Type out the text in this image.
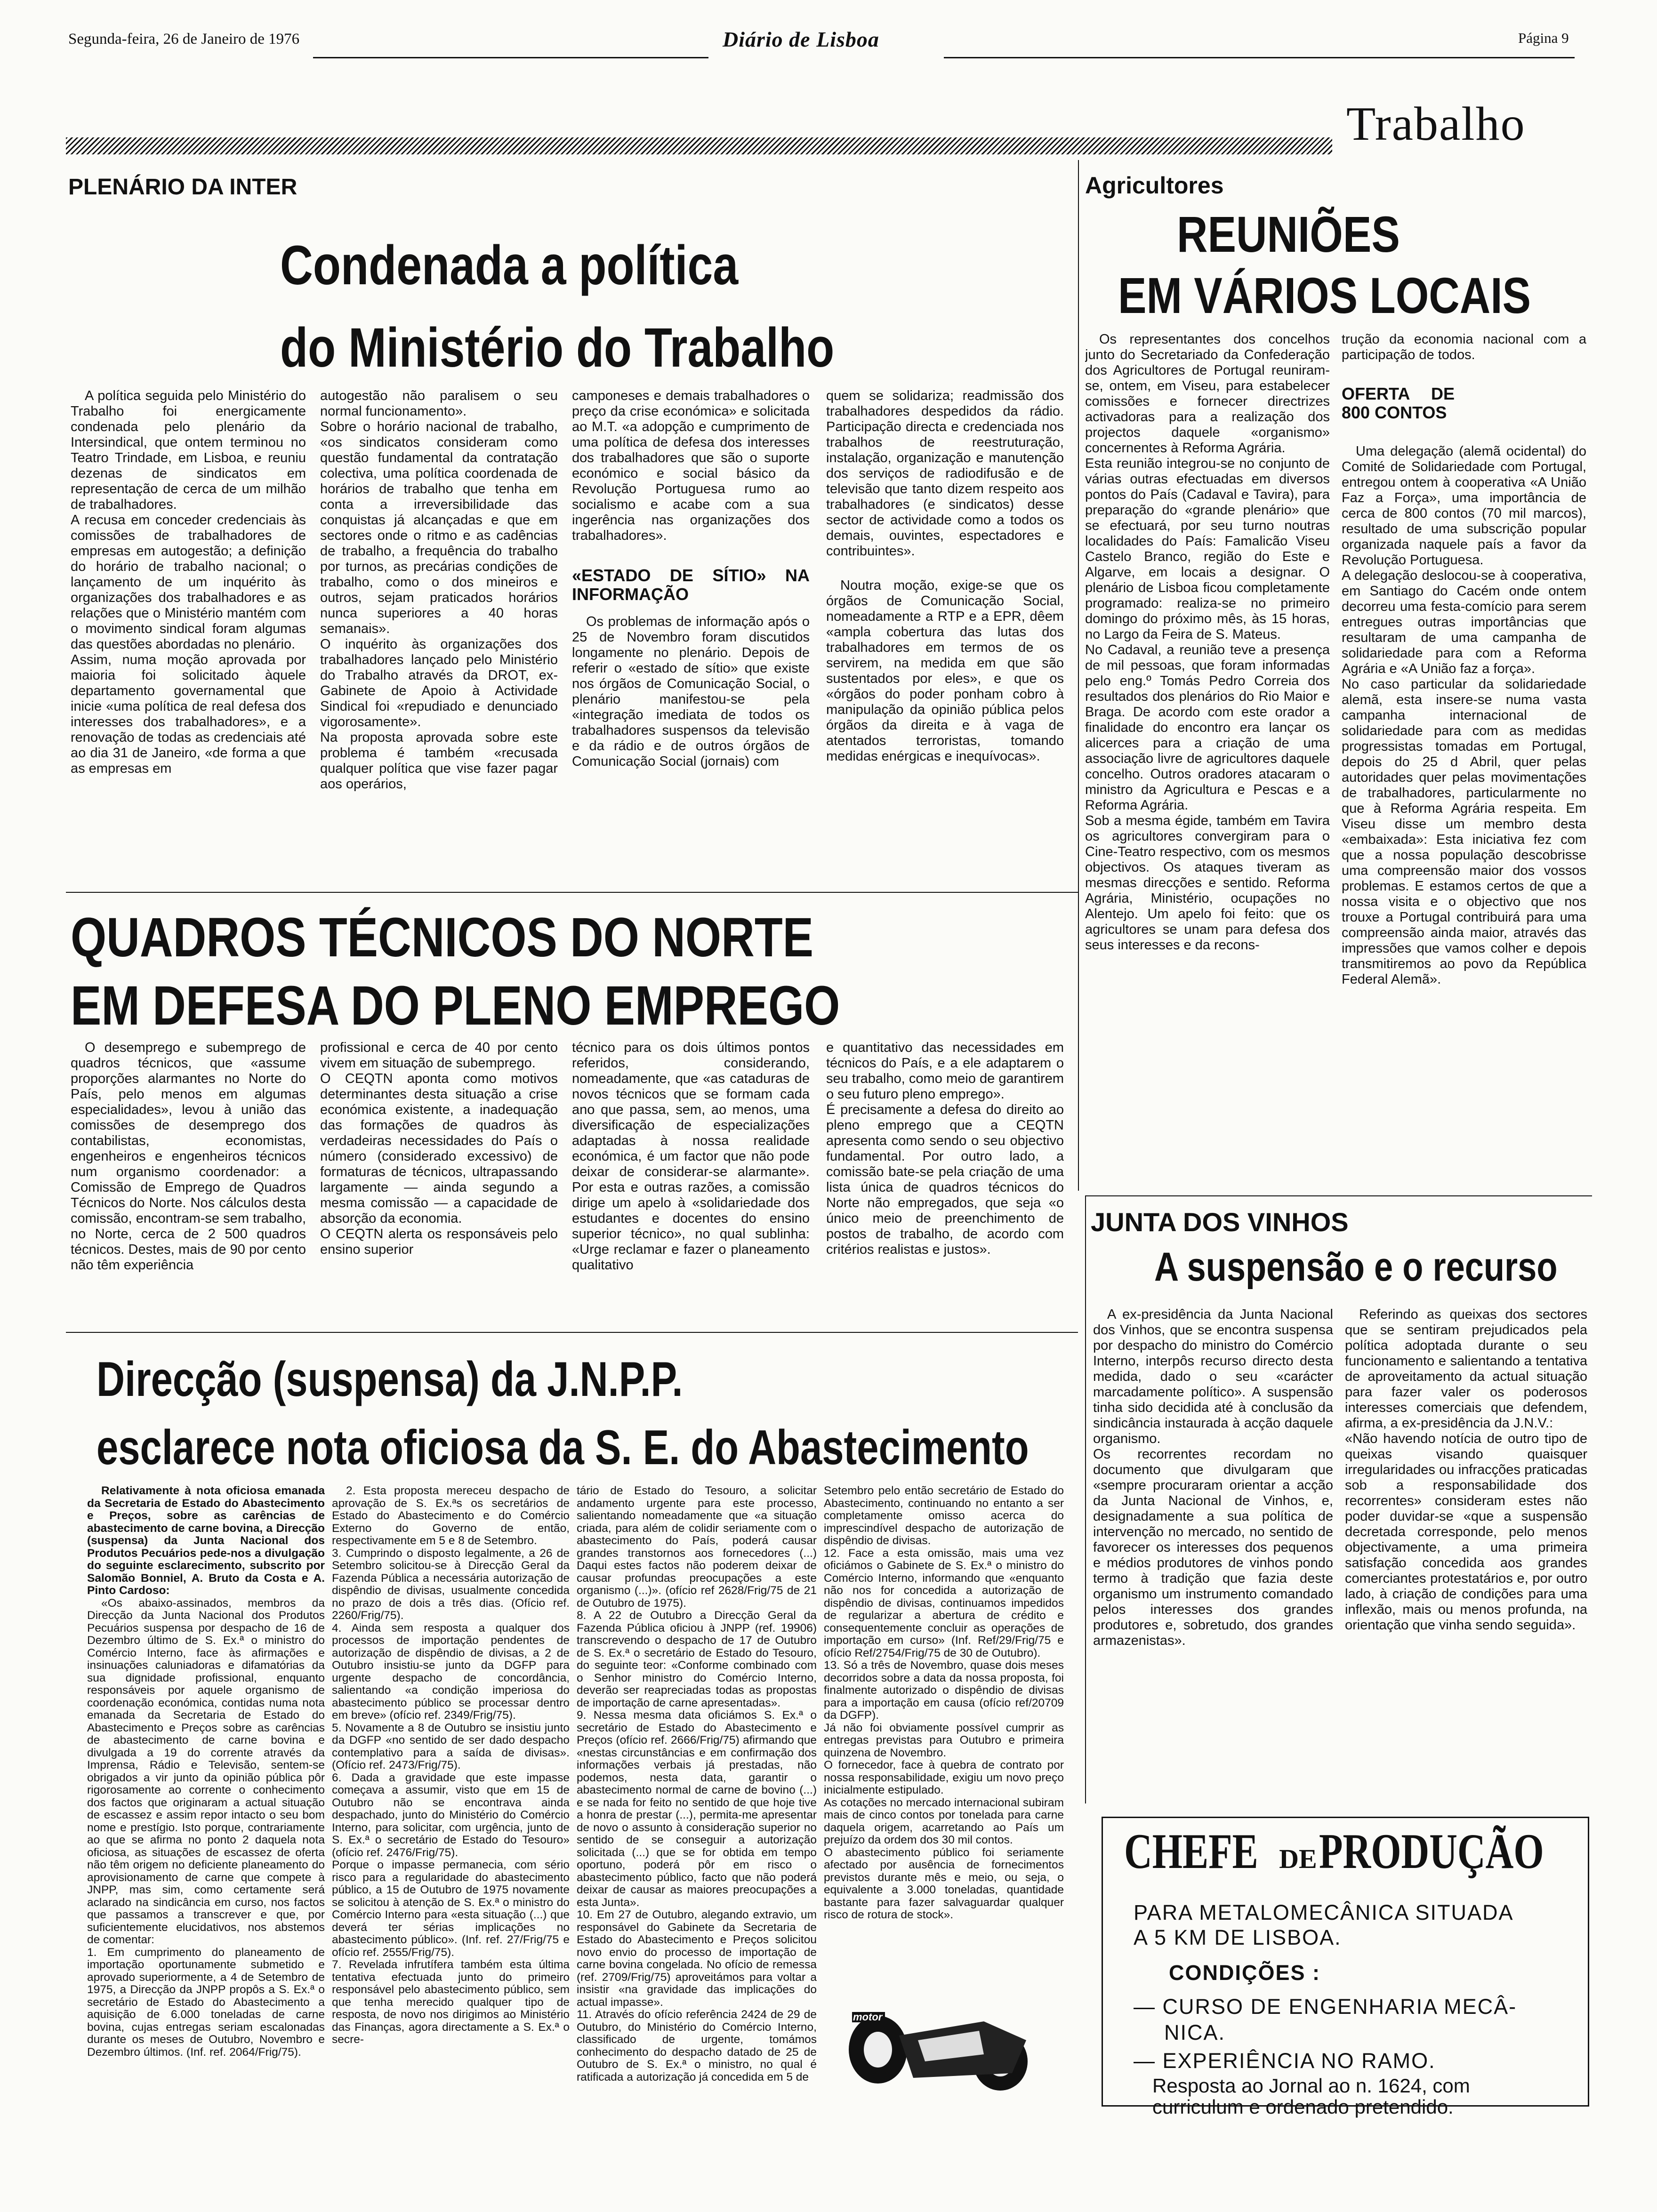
Segunda-feira, 26 de Janeiro de 1976	Diário de Lisboa	Página 9
Trabalho
PLENÁRIO DA INTER
Condenada a política
do Ministério do Trabalho

A política seguida pelo Ministério do Trabalho foi energicamente condenada pelo plenário da Intersindical, que ontem terminou no Teatro Trindade, em Lisboa, e reuniu dezenas de sindicatos em representação de cerca de um milhão de trabalhadores.
A recusa em conceder credenciais às comissões de trabalhadores de empresas em autogestão; a definição do horário de trabalho nacional; o lançamento de um inquérito às organizações dos trabalhadores e as relações que o Ministério mantém com o movimento sindical foram algumas das questões abordadas no plenário.
Assim, numa moção aprovada por maioria foi solicitado àquele departamento governamental que inicie «uma política de real defesa dos interesses dos trabalhadores», e a renovação de todas as credenciais até ao dia 31 de Janeiro, «de forma a que as empresas em

autogestão não paralisem o seu normal funcionamento».
Sobre o horário nacional de trabalho, «os sindicatos consideram como questão fundamental da contratação colectiva, uma política coordenada de horários de trabalho que tenha em conta a irreversibilidade das conquistas já alcançadas e que em sectores onde o ritmo e as cadências de trabalho, a frequência do trabalho por turnos, as precárias condições de trabalho, como o dos mineiros e outros, sejam praticados horários nunca superiores a 40 horas semanais».
O inquérito às organizações dos trabalhadores lançado pelo Ministério do Trabalho através da DROT, ex-Gabinete de Apoio à Actividade Sindical foi «repudiado e denunciado vigorosamente».
Na proposta aprovada sobre este problema é também «recusada qualquer política que vise fazer pagar aos operários,

camponeses e demais trabalhadores o preço da crise económica» e solicitada ao M.T. «a adopção e cumprimento de uma política de defesa dos interesses dos trabalhadores que são o suporte económico e social básico da Revolução Portuguesa rumo ao socialismo e acabe com a sua ingerência nas organizações dos trabalhadores».

«ESTADO DE SÍTIO» NA INFORMAÇÃO

Os problemas de informação após o 25 de Novembro foram discutidos longamente no plenário. Depois de referir o «estado de sítio» que existe nos órgãos de Comunicação Social, o plenário manifestou-se pela «integração imediata de todos os trabalhadores suspensos da televisão e da rádio e de outros órgãos de Comunicação Social (jornais) com

quem se solidariza; readmissão dos trabalhadores despedidos da rádio. Participação directa e credenciada nos trabalhos de reestruturação, instalação, organização e manutenção dos serviços de radiodifusão e de televisão que tanto dizem respeito aos trabalhadores (e sindicatos) desse sector de actividade como a todos os demais, ouvintes, espectadores e contribuintes».

Noutra moção, exige-se que os órgãos de Comunicação Social, nomeadamente a RTP e a EPR, dêem «ampla cobertura das lutas dos trabalhadores em termos de os servirem, na medida em que são sustentados por eles», e que os «órgãos do poder ponham cobro à manipulação da opinião pública pelos órgãos da direita e à vaga de atentados terroristas, tomando medidas enérgicas e inequívocas».

QUADROS TÉCNICOS DO NORTE
EM DEFESA DO PLENO EMPREGO

O desemprego e subemprego de quadros técnicos, que «assume proporções alarmantes no Norte do País, pelo menos em algumas especialidades», levou à união das comissões de desemprego dos contabilistas, economistas, engenheiros e engenheiros técnicos num organismo coordenador: a Comissão de Emprego de Quadros Técnicos do Norte. Nos cálculos desta comissão, encontram-se sem trabalho, no Norte, cerca de 2 500 quadros técnicos. Destes, mais de 90 por cento não têm experiência

profissional e cerca de 40 por cento vivem em situação de subemprego.
O CEQTN aponta como motivos determinantes desta situação a crise económica existente, a inadequação das formações de quadros às verdadeiras necessidades do País o número (considerado excessivo) de formaturas de técnicos, ultrapassando largamente — ainda segundo a mesma comissão — a capacidade de absorção da economia.
O CEQTN alerta os responsáveis pelo ensino superior

técnico para os dois últimos pontos referidos, considerando, nomeadamente, que «as cataduras de novos técnicos que se formam cada ano que passa, sem, ao menos, uma diversificação de especializações adaptadas à nossa realidade económica, é um factor que não pode deixar de considerar-se alarmante». Por esta e outras razões, a comissão dirige um apelo à «solidariedade dos estudantes e docentes do ensino superior técnico», no qual sublinha: «Urge reclamar e fazer o planeamento qualitativo

e quantitativo das necessidades em técnicos do País, e a ele adaptarem o seu trabalho, como meio de garantirem o seu futuro pleno emprego».
É precisamente a defesa do direito ao pleno emprego que a CEQTN apresenta como sendo o seu objectivo fundamental. Por outro lado, a comissão bate-se pela criação de uma lista única de quadros técnicos do Norte não empregados, que seja «o único meio de preenchimento de postos de trabalho, de acordo com critérios realistas e justos».

Direcção (suspensa) da J.N.P.P.
esclarece nota oficiosa da S. E. do Abastecimento

Relativamente à nota oficiosa emanada da Secretaria de Estado do Abastecimento e Preços, sobre as carências de abastecimento de carne bovina, a Direcção (suspensa) da Junta Nacional dos Produtos Pecuários pede-nos a divulgação do seguinte esclarecimento, subscrito por Salomão Bonniel, A. Bruto da Costa e A. Pinto Cardoso:

«Os abaixo-assinados, membros da Direcção da Junta Nacional dos Produtos Pecuários suspensa por despacho de 16 de Dezembro último de S. Ex.ª o ministro do Comércio Interno, face às afirmações e insinuações caluniadoras e difamatórias da sua dignidade profissional, enquanto responsáveis por aquele organismo de coordenação económica, contidas numa nota emanada da Secretaria de Estado do Abastecimento e Preços sobre as carências de abastecimento de carne bovina e divulgada a 19 do corrente através da Imprensa, Rádio e Televisão, sentem-se obrigados a vir junto da opinião pública pôr rigorosamente ao corrente o conhecimento dos factos que originaram a actual situação de escassez e assim repor intacto o seu bom nome e prestígio. Isto porque, contrariamente ao que se afirma no ponto 2 daquela nota oficiosa, as situações de escassez de oferta não têm origem no deficiente planeamento do aprovisionamento de carne que compete à JNPP, mas sim, como certamente será aclarado na sindicância em curso, nos factos que passamos a transcrever e que, por suficientemente elucidativos, nos abstemos de comentar:
1. Em cumprimento do planeamento de importação oportunamente submetido e aprovado superiormente, a 4 de Setembro de 1975, a Direcção da JNPP propôs a S. Ex.ª o secretário de Estado do Abastecimento a aquisição de 6.000 toneladas de carne bovina, cujas entregas seriam escalonadas durante os meses de Outubro, Novembro e Dezembro últimos. (Inf. ref. 2064/Frig/75).

2. Esta proposta mereceu despacho de aprovação de S. Ex.ªs os secretários de Estado do Abastecimento e do Comércio Externo do Governo de então, respectivamente em 5 e 8 de Setembro.
3. Cumprindo o disposto legalmente, a 26 de Setembro solicitou-se à Direcção Geral da Fazenda Pública a necessária autorização de dispêndio de divisas, usualmente concedida no prazo de dois a três dias. (Ofício ref. 2260/Frig/75).
4. Ainda sem resposta a qualquer dos processos de importação pendentes de autorização de dispêndio de divisas, a 2 de Outubro insistiu-se junto da DGFP para urgente despacho de concordância, salientando «a condição imperiosa do abastecimento público se processar dentro em breve» (ofício ref. 2349/Frig/75).
5. Novamente a 8 de Outubro se insistiu junto da DGFP «no sentido de ser dado despacho contemplativo para a saída de divisas». (Ofício ref. 2473/Frig/75).
6. Dada a gravidade que este impasse começava a assumir, visto que em 15 de Outubro não se encontrava ainda despachado, junto do Ministério do Comércio Interno, para solicitar, com urgência, junto de S. Ex.ª o secretário de Estado do Tesouro» (ofício ref. 2476/Frig/75).
Porque o impasse permanecia, com sério risco para a regularidade do abastecimento público, a 15 de Outubro de 1975 novamente se solicitou à atenção de S. Ex.ª o ministro do Comércio Interno para «esta situação (...) que deverá ter sérias implicações no abastecimento público». (Inf. ref. 27/Frig/75 e ofício ref. 2555/Frig/75).
7. Revelada infrutífera também esta última tentativa efectuada junto do primeiro responsável pelo abastecimento público, sem que tenha merecido qualquer tipo de resposta, de novo nos dirigimos ao Ministério das Finanças, agora directamente a S. Ex.ª o secre-

tário de Estado do Tesouro, a solicitar andamento urgente para este processo, salientando nomeadamente que «a situação criada, para além de colidir seriamente com o abastecimento do País, poderá causar grandes transtornos aos fornecedores (...) Daqui estes factos não poderem deixar de causar profundas preocupações a este organismo (...)». (ofício ref 2628/Frig/75 de 21 de Outubro de 1975).
8. A 22 de Outubro a Direcção Geral da Fazenda Pública oficiou à JNPP (ref. 19906) transcrevendo o despacho de 17 de Outubro de S. Ex.ª o secretário de Estado do Tesouro, do seguinte teor: «Conforme combinado com o Senhor ministro do Comércio Interno, deverão ser reapreciadas todas as propostas de importação de carne apresentadas».
9. Nessa mesma data oficiámos S. Ex.ª o secretário de Estado do Abastecimento e Preços (ofício ref. 2666/Frig/75) afirmando que «nestas circunstâncias e em confirmação dos informações verbais já prestadas, não podemos, nesta data, garantir o abastecimento normal de carne de bovino (...) e se nada for feito no sentido de que hoje tive a honra de prestar (...), permita-me apresentar de novo o assunto à consideração superior no sentido de se conseguir a autorização solicitada (...) que se for obtida em tempo oportuno, poderá pôr em risco o abastecimento público, facto que não poderá deixar de causar as maiores preocupações a esta Junta».
10. Em 27 de Outubro, alegando extravio, um responsável do Gabinete da Secretaria de Estado do Abastecimento e Preços solicitou novo envio do processo de importação de carne bovina congelada. No ofício de remessa (ref. 2709/Frig/75) aproveitámos para voltar a insistir «na gravidade das implicações do actual impasse».
11. Através do ofício referência 2424 de 29 de Outubro, do Ministério do Comércio Interno, classificado de urgente, tomámos conhecimento do despacho datado de 25 de Outubro de S. Ex.ª o ministro, no qual é ratificada a autorização já concedida em 5 de

Setembro pelo então secretário de Estado do Abastecimento, continuando no entanto a ser completamente omisso acerca do imprescindível despacho de autorização de dispêndio de divisas.
12. Face a esta omissão, mais uma vez oficiámos o Gabinete de S. Ex.ª o ministro do Comércio Interno, informando que «enquanto não nos for concedida a autorização de dispêndio de divisas, continuamos impedidos de regularizar a abertura de crédito e consequentemente concluir as operações de importação em curso» (Inf. Ref/29/Frig/75 e ofício Ref/2754/Frig/75 de 30 de Outubro).
13. Só a três de Novembro, quase dois meses decorridos sobre a data da nossa proposta, foi finalmente autorizado o dispêndio de divisas para a importação em causa (ofício ref/20709 da DGFP).
Já não foi obviamente possível cumprir as entregas previstas para Outubro e primeira quinzena de Novembro.
O fornecedor, face à quebra de contrato por nossa responsabilidade, exigiu um novo preço inicialmente estipulado.
As cotações no mercado internacional subiram mais de cinco contos por tonelada para carne daquela origem, acarretando ao País um prejuízo da ordem dos 30 mil contos.
O abastecimento público foi seriamente afectado por ausência de fornecimentos previstos durante mês e meio, ou seja, o equivalente a 3.000 toneladas, quantidade bastante para fazer salvaguardar qualquer risco de rotura de stock».

motor
Agricultores
REUNIÕES
EM VÁRIOS LOCAIS

Os representantes dos concelhos junto do Secretariado da Confederação dos Agricultores de Portugal reuniram-se, ontem, em Viseu, para estabelecer comissões e fornecer directrizes activadoras para a realização dos projectos daquele «organismo» concernentes à Reforma Agrária.
Esta reunião integrou-se no conjunto de várias outras efectuadas em diversos pontos do País (Cadaval e Tavira), para preparação do «grande plenário» que se efectuará, por seu turno noutras localidades do País: Famalicão Viseu Castelo Branco, região do Este e Algarve, em locais a designar. O plenário de Lisboa ficou completamente programado: realiza-se no primeiro domingo do próximo mês, às 15 horas, no Largo da Feira de S. Mateus.
No Cadaval, a reunião teve a presença de mil pessoas, que foram informadas pelo eng.º Tomás Pedro Correia dos resultados dos plenários do Rio Maior e Braga. De acordo com este orador a finalidade do encontro era lançar os alicerces para a criação de uma associação livre de agricultores daquele concelho. Outros oradores atacaram o ministro da Agricultura e Pescas e a Reforma Agrária.
Sob a mesma égide, também em Tavira os agricultores convergiram para o Cine-Teatro respectivo, com os mesmos objectivos. Os ataques tiveram as mesmas direcções e sentido. Reforma Agrária, Ministério, ocupações no Alentejo. Um apelo foi feito: que os agricultores se unam para defesa dos seus interesses e da recons-

trução da economia nacional com a participação de todos.

OFERTA DE 800 CONTOS

Uma delegação (alemã ocidental) do Comité de Solidariedade com Portugal, entregou ontem à cooperativa «A União Faz a Força», uma importância de cerca de 800 contos (70 mil marcos), resultado de uma subscrição popular organizada naquele país a favor da Revolução Portuguesa.
A delegação deslocou-se à cooperativa, em Santiago do Cacém onde ontem decorreu uma festa-comício para serem entregues outras importâncias que resultaram de uma campanha de solidariedade para com a Reforma Agrária e «A União faz a força».
No caso particular da solidariedade alemã, esta insere-se numa vasta campanha internacional de solidariedade para com as medidas progressistas tomadas em Portugal, depois do 25 d Abril, quer pelas autoridades quer pelas movimentações de trabalhadores, particularmente no que à Reforma Agrária respeita. Em Viseu disse um membro desta «embaixada»: Esta iniciativa fez com que a nossa população descobrisse uma compreensão maior dos vossos problemas. E estamos certos de que a nossa visita e o objectivo que nos trouxe a Portugal contribuirá para uma compreensão ainda maior, através das impressões que vamos colher e depois transmitiremos ao povo da República Federal Alemã».

JUNTA DOS VINHOS
A suspensão e o recurso

A ex-presidência da Junta Nacional dos Vinhos, que se encontra suspensa por despacho do ministro do Comércio Interno, interpôs recurso directo desta medida, dado o seu «carácter marcadamente político». A suspensão tinha sido decidida até à conclusão da sindicância instaurada à acção daquele organismo.
Os recorrentes recordam no documento que divulgaram que «sempre procuraram orientar a acção da Junta Nacional de Vinhos, e, designadamente a sua política de intervenção no mercado, no sentido de favorecer os interesses dos pequenos e médios produtores de vinhos pondo termo à tradição que fazia deste organismo um instrumento comandado pelos interesses dos grandes produtores e, sobretudo, dos grandes armazenistas».

Referindo as queixas dos sectores que se sentiram prejudicados pela política adoptada durante o seu funcionamento e salientando a tentativa de aproveitamento da actual situação para fazer valer os poderosos interesses comerciais que defendem, afirma, a ex-presidência da J.N.V.:
«Não havendo notícia de outro tipo de queixas visando quaisquer irregularidades ou infracções praticadas sob a responsabilidade dos recorrentes» consideram estes não poder duvidar-se «que a suspensão decretada corresponde, pelo menos objectivamente, a uma primeira satisfação concedida aos grandes comerciantes protestatários e, por outro lado, à criação de condições para uma inflexão, mais ou menos profunda, na orientação que vinha sendo seguida».

CHEFE DE PRODUÇÃO
PARA METALOMECÂNICA SITUADA
A 5 KM DE LISBOA.
CONDIÇÕES :
— CURSO DE ENGENHARIA MECÂ-
NICA.
— EXPERIÊNCIA NO RAMO.
Resposta ao Jornal ao n. 1624, com
curriculum e ordenado pretendido.
